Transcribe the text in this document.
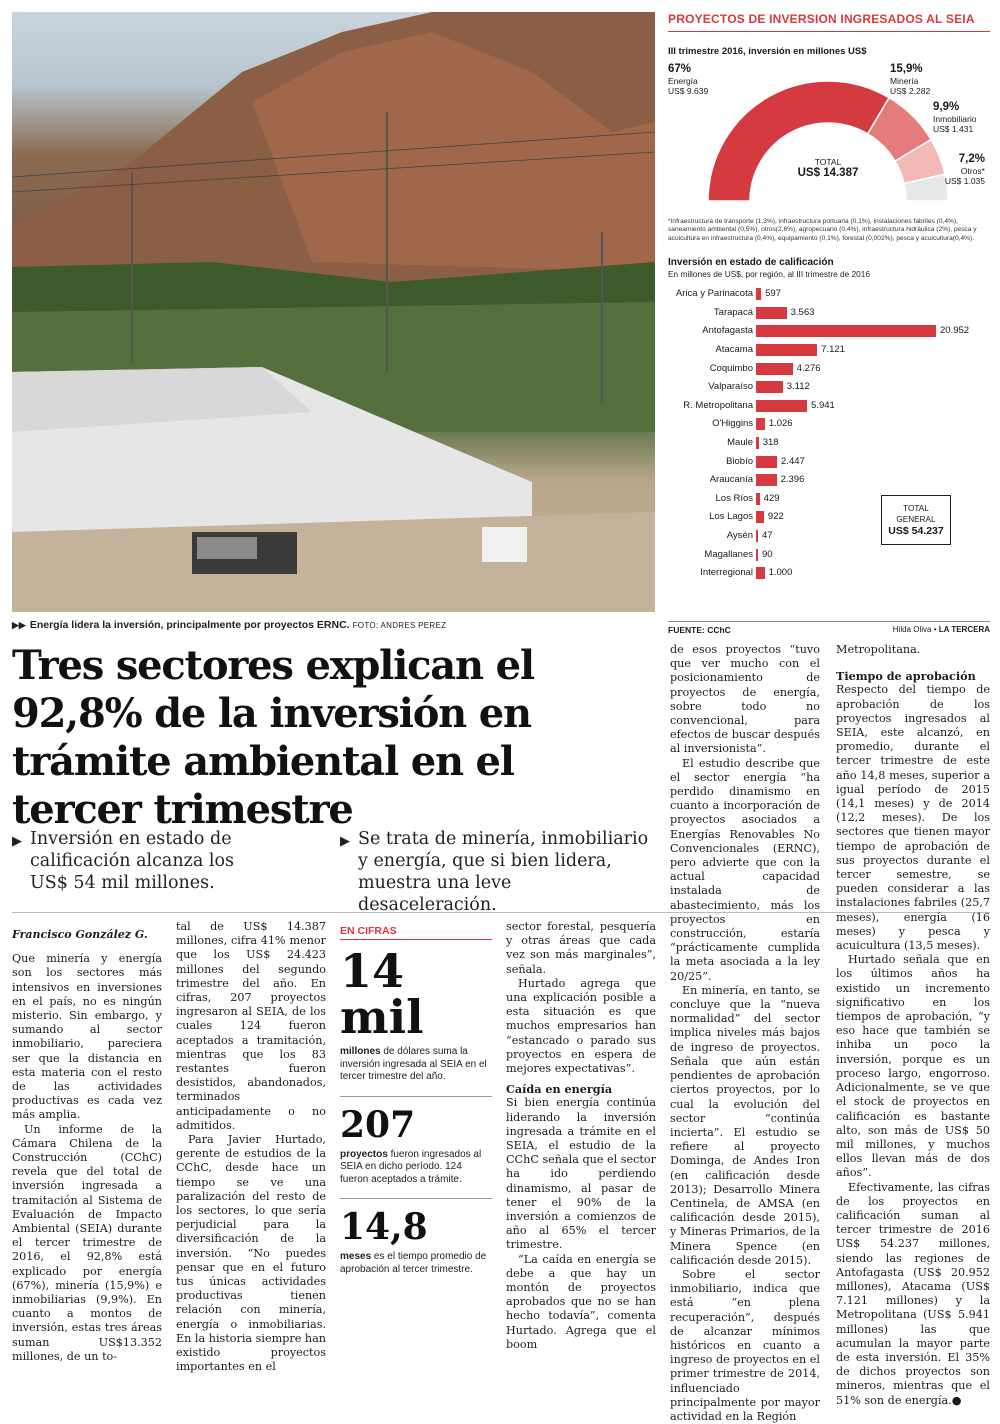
▶▶ Energía lidera la inversión, principalmente por proyectos ERNC. FOTO: ANDRES PEREZ
PROYECTOS DE INVERSION INGRESADOS AL SEIA
III trimestre 2016, inversión en millones US$
67%
Energía
US$ 9.639
15,9%
Minería
US$ 2.282
9,9%
Inmobiliario
US$ 1.431
7,2%
Otros*
US$ 1.035
TOTAL
US$ 14.387
*Infraestructura de transporte (1,3%), infraestructura portuaria (0,1%), instalaciones fabriles (0,4%), saneamiento ambiental (0,5%), otros(2,6%), agropecuario (0,4%), infraestructura hidráulica (2%), pesca y acuicultura en infraestructura (0,4%), equipamiento (0,1%), forestal (0,002%), pesca y acuicultura(0,4%).
Inversión en estado de calificación
En millones de US$, por región, al III trimestre de 2016
Arica y Parinacota 597
Tarapacá	3.563
Antofagasta	20.952
Atacama	7.121
Coquimbo	4.276
Valparaíso	3.112
R. Metropolitana	5.941
O'Higgins 1.026
Maule 318
Biobío	2.447
Araucanía	2.396
Los Ríos 429
Los Lagos 922
Aysén 47
Magallanes 90
Interregional 1.000
TOTAL
GENERAL
US$ 54.237
FUENTE: CChC	Hilda Oliva • LA TERCERA
Tres sectores explican el 92,8% de la inversión en trámite ambiental en el tercer trimestre
▶ Inversión en estado de calificación alcanza los US$ 54 mil millones.
▶ Se trata de minería, inmobiliario y energía, que si bien lidera, muestra una leve desaceleración.
Francisco González G.

Que minería y energía son los sectores más intensivos en inversiones en el país, no es ningún misterio. Sin embargo, y sumando al sector inmobiliario, pareciera ser que la distancia en esta materia con el resto de las actividades productivas es cada vez más amplia.

Un informe de la Cámara Chilena de la Construcción (CChC) revela que del total de inversión ingresada a tramitación al Sistema de Evaluación de Impacto Ambiental (SEIA) durante el tercer trimestre de 2016, el 92,8% está explicado por energía (67%), minería (15,9%) e inmobiliarias (9,9%). En cuanto a montos de inversión, estas tres áreas suman US$13.352 millones, de un to-

tal de US$ 14.387 millones, cifra 41% menor que los US$ 24.423 millones del segundo trimestre del año. En cifras, 207 proyectos ingresaron al SEIA, de los cuales 124 fueron aceptados a tramitación, mientras que los 83 restantes fueron desistidos, abandonados, terminados anticipadamente o no admitidos.

Para Javier Hurtado, gerente de estudios de la CChC, desde hace un tiempo se ve una paralización del resto de los sectores, lo que sería perjudicial para la diversificación de la inversión. “No puedes pensar que en el futuro tus únicas actividades productivas tienen relación con minería, energía o inmobiliarias. En la historia siempre han existido proyectos importantes en el

EN CIFRAS
14 mil
millones de dólares suma la inversión ingresada al SEIA en el tercer trimestre del año.
207
proyectos fueron ingresados al SEIA en dicho período. 124 fueron aceptados a trámite.
14,8
meses es el tiempo promedio de aprobación al tercer trimestre.

sector forestal, pesquería y otras áreas que cada vez son más marginales”, señala.

Hurtado agrega que una explicación posible a esta situación es que muchos empresarios han “estancado o parado sus proyectos en espera de mejores expectativas”.

Caída en energía

Si bien energía continúa liderando la inversión ingresada a trámite en el SEIA, el estudio de la CChC señala que el sector ha ido perdiendo dinamismo, al pasar de tener el 90% de la inversión a comienzos de año al 65% el tercer trimestre.

“La caída en energía se debe a que hay un montón de proyectos aprobados que no se han hecho todavía”, comenta Hurtado. Agrega que el boom

de esos proyectos “tuvo que ver mucho con el posicionamiento de proyectos de energía, sobre todo no convencional, para efectos de buscar después al inversionista”.

El estudio describe que el sector energía “ha perdido dinamismo en cuanto a incorporación de proyectos asociados a Energías Renovables No Convencionales (ERNC), pero advierte que con la actual capacidad instalada de abastecimiento, más los proyectos en construcción, estaría “prácticamente cumplida la meta asociada a la ley 20/25”.

En minería, en tanto, se concluye que la “nueva normalidad” del sector implica niveles más bajos de ingreso de proyectos. Señala que aún están pendientes de aprobación ciertos proyectos, por lo cual la evolución del sector “continúa incierta”. El estudio se refiere al proyecto Dominga, de Andes Iron (en calificación desde 2013); Desarrollo Minera Centinela, de AMSA (en calificación desde 2015), y Mineras Primarios, de la Minera Spence (en calificación desde 2015).

Sobre el sector inmobiliario, indica que está “en plena recuperación”, después de alcanzar mínimos históricos en cuanto a ingreso de proyectos en el primer trimestre de 2014, influenciado principalmente por mayor actividad en la Región

Metropolitana.

Tiempo de aprobación

Respecto del tiempo de aprobación de los proyectos ingresados al SEIA, este alcanzó, en promedio, durante el tercer trimestre de este año 14,8 meses, superior a igual período de 2015 (14,1 meses) y de 2014 (12,2 meses). De los sectores que tienen mayor tiempo de aprobación de sus proyectos durante el tercer semestre, se pueden considerar a las instalaciones fabriles (25,7 meses), energía (16 meses) y pesca y acuicultura (13,5 meses).

Hurtado señala que en los últimos años ha existido un incremento significativo en los tiempos de aprobación, “y eso hace que también se inhiba un poco la inversión, porque es un proceso largo, engorroso. Adicionalmente, se ve que el stock de proyectos en calificación es bastante alto, son más de US$ 50 mil millones, y muchos ellos llevan más de dos años”.

Efectivamente, las cifras de los proyectos en calificación suman al tercer trimestre de 2016 US$ 54.237 millones, siendo las regiones de Antofagasta (US$ 20.952 millones), Atacama (US$ 7.121 millones) y la Metropolitana (US$ 5.941 millones) las que acumulan la mayor parte de esta inversión. El 35% de dichos proyectos son mineros, mientras que el 51% son de energía.●
